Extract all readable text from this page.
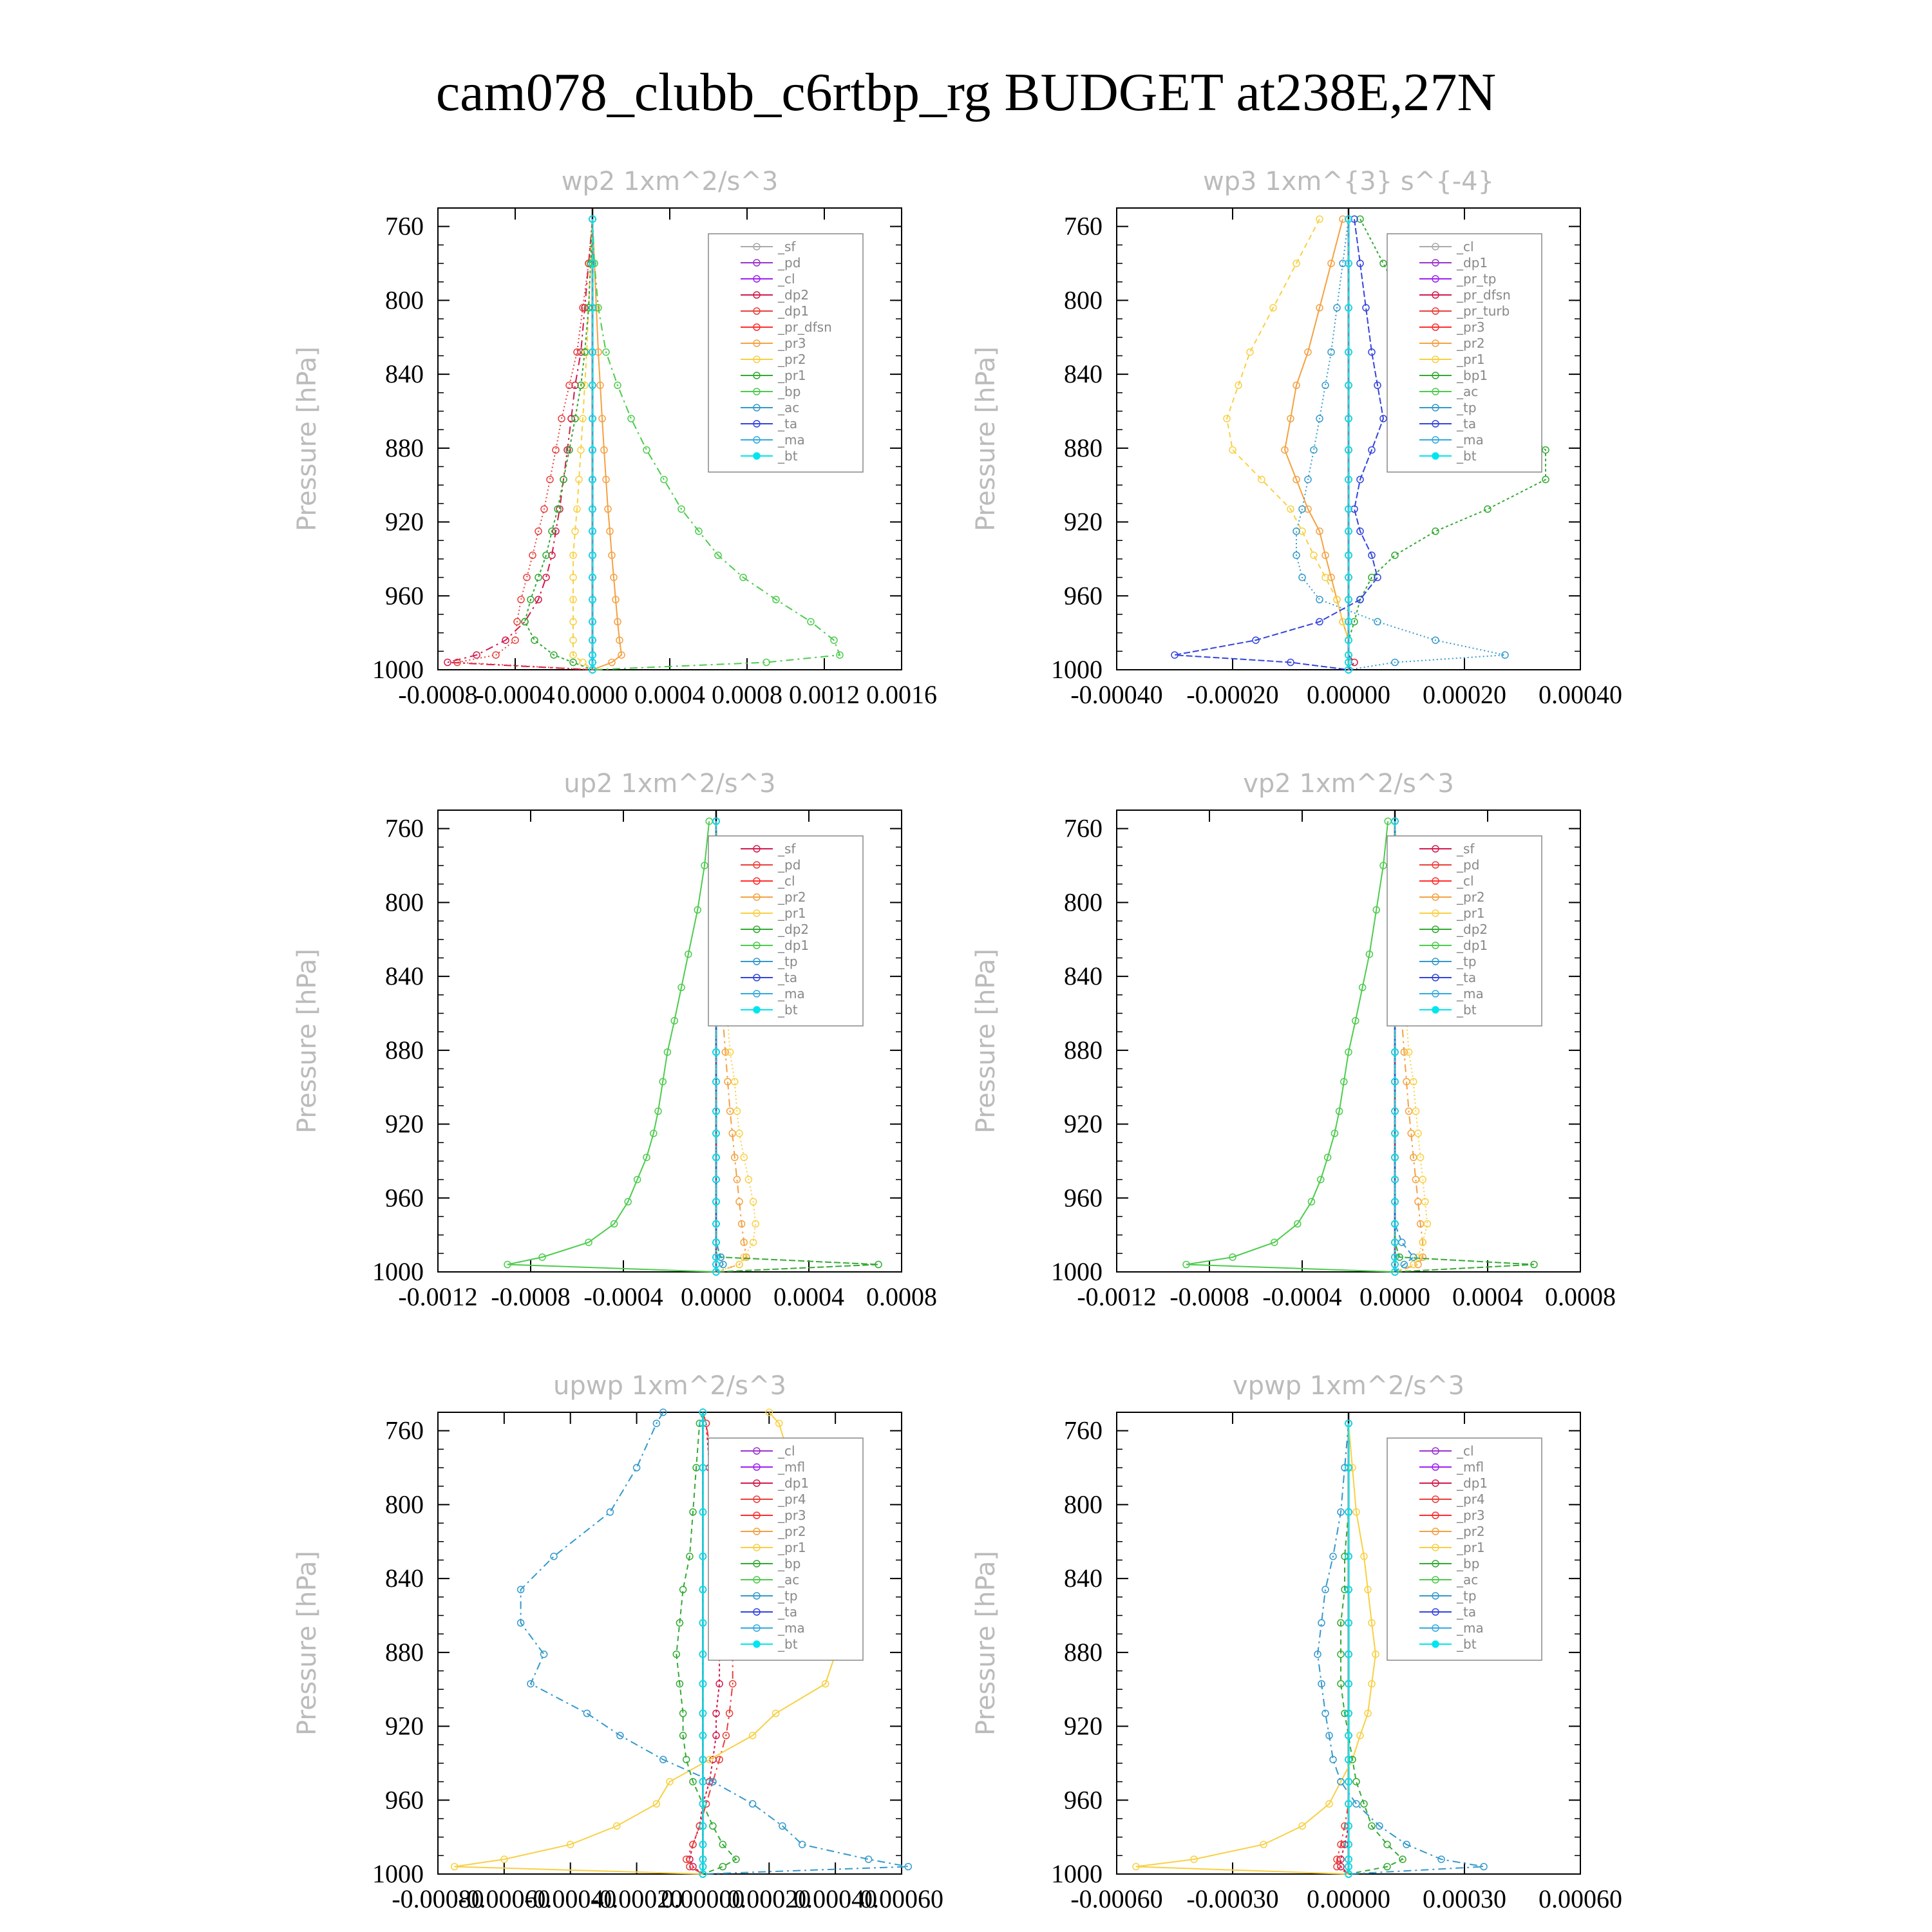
cam078_clubb_c6rtbp_rg BUDGET at238E,27N
wp2 1xm^2/s^3
Pressure [hPa]
760
800
840
880
920
960
1000
-0.0008
-0.0004 0.0000 0.0004 0.0008 0.0012 0.0016
_sf
_pd
_cl
_dp2
_dp1
_pr_dfsn
_pr3
_pr2
_pr1
_bp
_ac
_ta
_ma
_bt
wp3 1xm^{3} s^{-4}
Pressure [hPa]
760
800
840
880
920
960
1000
-0.00040 -0.00020 0.00000 0.00020 0.00040
_cl
_dp1
_pr_tp
_pr_dfsn
_pr_turb
_pr3
_pr2
_pr1
_bp1
_ac
_tp
_ta
_ma
_bt
up2 1xm^2/s^3
Pressure [hPa]
760
800
840
880
920
960
1000
-0.0012 -0.0008 -0.0004 0.0000 0.0004 0.0008
_sf
_pd
_cl
_pr2
_pr1
_dp2
_dp1
_tp
_ta
_ma
_bt
vp2 1xm^2/s^3
Pressure [hPa]
760
800
840
880
920
960
1000
-0.0012 -0.0008 -0.0004 0.0000 0.0004 0.0008
_sf
_pd
_cl
_pr2
_pr1
_dp2
_dp1
_tp
_ta
_ma
_bt
upwp 1xm^2/s^3
Pressure [hPa]
760
800
840
880
920
960
1000
-0.00080
-0.00060
-0.00040
-0.00020
0.00000
0.00020
0.00040
0.00060
_cl
_mfl
_dp1
_pr4
_pr3
_pr2
_pr1
_bp
_ac
_tp
_ta
_ma
_bt
vpwp 1xm^2/s^3
Pressure [hPa]
760
800
840
880
920
960
1000
-0.00060 -0.00030 0.00000 0.00030 0.00060
_cl
_mfl
_dp1
_pr4
_pr3
_pr2
_pr1
_bp
_ac
_tp
_ta
_ma
_bt
